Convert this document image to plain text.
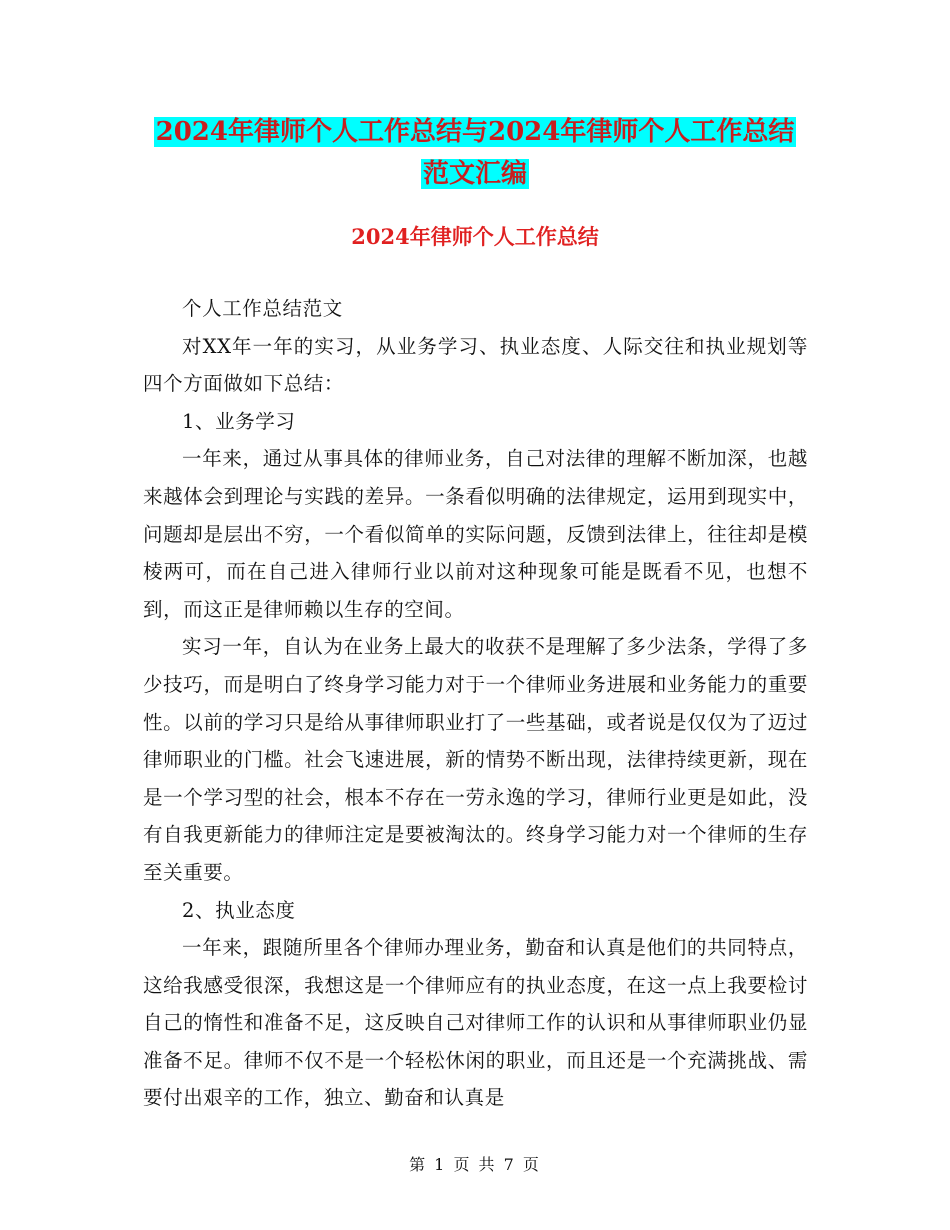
2024年律师个人工作总结与2024年律师个人工作总结
范文汇编
2024年律师个人工作总结

个人工作总结范文

对XX年一年的实习，从业务学习、执业态度、人际交往和执业规划等四个方面做如下总结：

1、业务学习

一年来，通过从事具体的律师业务，自己对法律的理解不断加深，也越来越体会到理论与实践的差异。一条看似明确的法律规定，运用到现实中，问题却是层出不穷，一个看似简单的实际问题，反馈到法律上，往往却是模棱两可，而在自己进入律师行业以前对这种现象可能是既看不见，也想不到，而这正是律师赖以生存的空间。

实习一年，自认为在业务上最大的收获不是理解了多少法条，学得了多少技巧，而是明白了终身学习能力对于一个律师业务进展和业务能力的重要性。以前的学习只是给从事律师职业打了一些基础，或者说是仅仅为了迈过律师职业的门槛。社会飞速进展，新的情势不断出现，法律持续更新，现在是一个学习型的社会，根本不存在一劳永逸的学习，律师行业更是如此，没有自我更新能力的律师注定是要被淘汰的。终身学习能力对一个律师的生存至关重要。

2、执业态度

一年来，跟随所里各个律师办理业务，勤奋和认真是他们的共同特点，这给我感受很深，我想这是一个律师应有的执业态度，在这一点上我要检讨自己的惰性和准备不足，这反映自己对律师工作的认识和从事律师职业仍显准备不足。律师不仅不是一个轻松休闲的职业，而且还是一个充满挑战、需要付出艰辛的工作，独立、勤奋和认真是

第 1 页 共 7 页
